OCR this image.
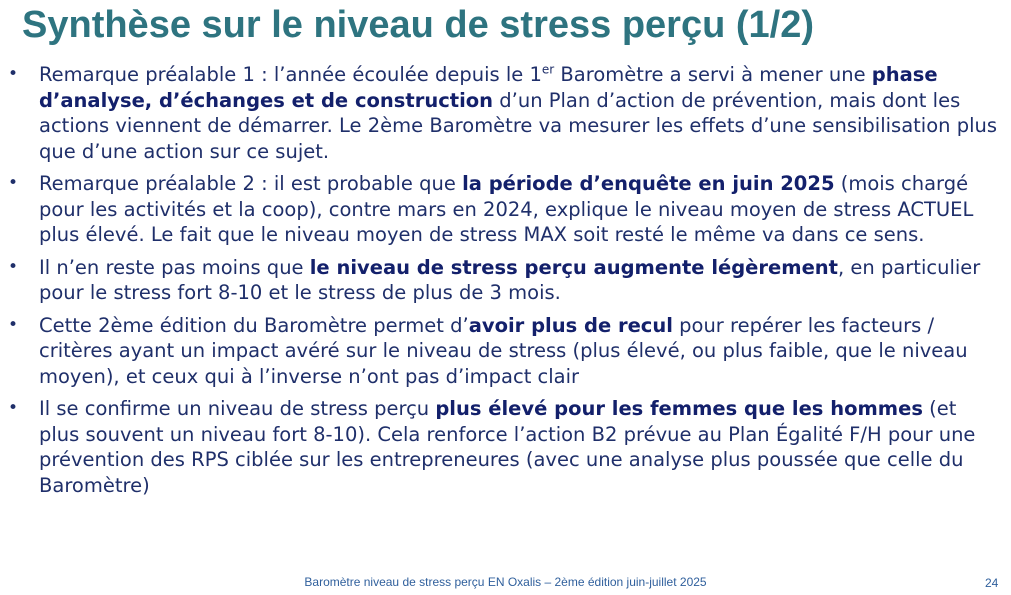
Synthèse sur le niveau de stress perçu (1/2)
• Remarque préalable 1 : l’année écoulée depuis le 1er Baromètre a servi à mener une phase d’analyse, d’échanges et de construction d’un Plan d’action de prévention, mais dont les actions viennent de démarrer. Le 2ème Baromètre va mesurer les effets d’une sensibilisation plus que d’une action sur ce sujet.
• Remarque préalable 2 : il est probable que la période d’enquête en juin 2025 (mois chargé pour les activités et la coop), contre mars en 2024, explique le niveau moyen de stress ACTUEL plus élevé. Le fait que le niveau moyen de stress MAX soit resté le même va dans ce sens.
• Il n’en reste pas moins que le niveau de stress perçu augmente légèrement, en particulier pour le stress fort 8-10 et le stress de plus de 3 mois.
• Cette 2ème édition du Baromètre permet d’avoir plus de recul pour repérer les facteurs / critères ayant un impact avéré sur le niveau de stress (plus élevé, ou plus faible, que le niveau moyen), et ceux qui à l’inverse n’ont pas d’impact clair
• Il se confirme un niveau de stress perçu plus élevé pour les femmes que les hommes (et plus souvent un niveau fort 8-10). Cela renforce l’action B2 prévue au Plan Égalité F/H pour une prévention des RPS ciblée sur les entrepreneures (avec une analyse plus poussée que celle du Baromètre)
Baromètre niveau de stress perçu EN Oxalis – 2ème édition juin-juillet 2025	24
